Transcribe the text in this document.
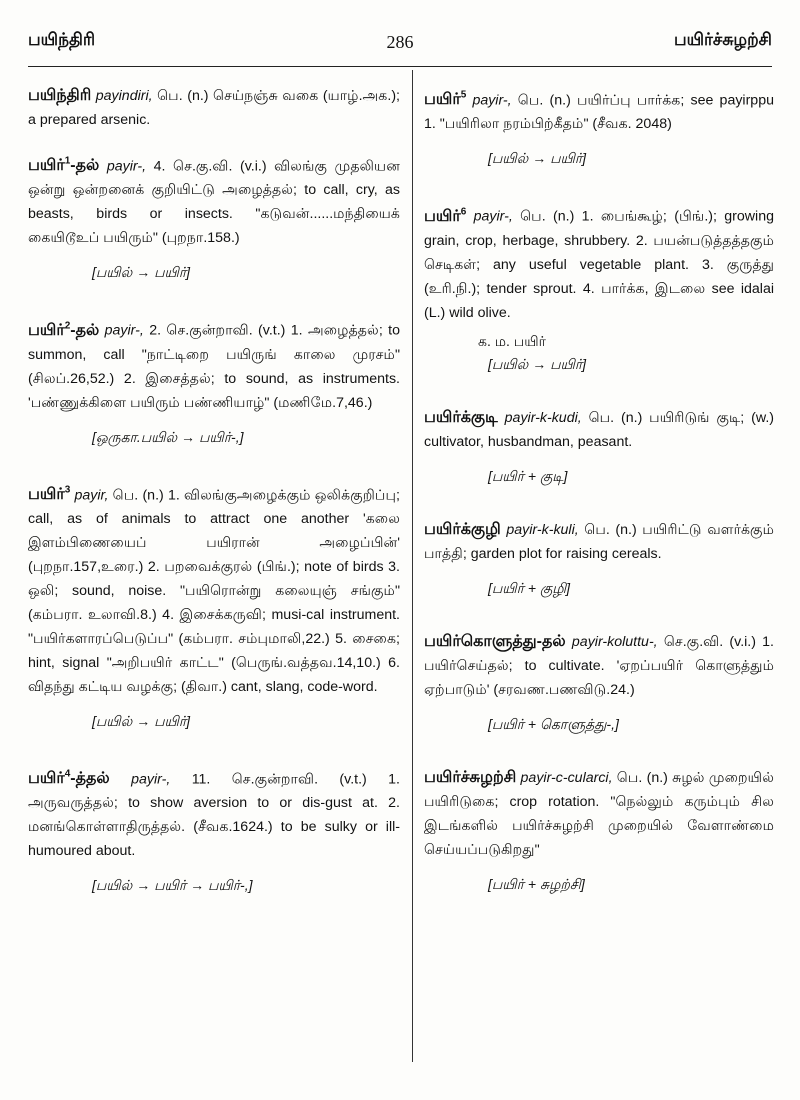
பயிந்திரி	286	பயிர்ச்சுழற்சி
பயிந்திரி payindiri, பெ. (n.) செய்நஞ்சு வகை (யாழ்.அக.); a prepared arsenic.
பயிர்$^1$-தல் payir-, 4. செ.கு.வி. (v.i.) விலங்கு முதலியன ஒன்று ஒன்றனைக் குறியிட்டு அழைத்தல்; to call, cry, as beasts, birds or insects. "கடுவன்......மந்தியைக் கையிடூஉப் பயிரும்" (புறநா.158.)
[பயில் → பயிர்]
பயிர்$^2$-தல் payir-, 2. செ.குன்றாவி. (v.t.) 1. அழைத்தல்; to summon, call "நாட்டிறை பயிருங் காலை முரசம்" (சிலப்.26,52.) 2. இசைத்தல்; to sound, as instruments. 'பண்ணுக்கிளை பயிரும் பண்ணியாழ்" (மணிமே.7,46.)
[ஒருகா.பயில் → பயிர்-,]
பயிர்$^3$ payir, பெ. (n.) 1. விலங்குஅழைக்கும் ஒலிக்குறிப்பு; call, as of animals to attract one another 'கலை இளம்பிணையைப் பயிரான் அழைப்பின்' (புறநா.157,உரை.) 2. பறவைக்குரல் (பிங்.); note of birds 3. ஒலி; sound, noise. "பயிரொன்று கலையுஞ் சங்கும்" (கம்பரா. உலாவி.8.) 4. இசைக்கருவி; musi-cal instrument. "பயிர்களாரப்பெடுப்ப" (கம்பரா. சம்புமாலி,22.) 5. சைகை; hint, signal "அறிபயிர் காட்ட" (பெருங்.வத்தவ.14,10.) 6. விதந்து கட்டிய வழக்கு; (திவா.) cant, slang, code-word.
[பயில் → பயிர்]
பயிர்$^4$-த்தல் payir-, 11. செ.குன்றாவி. (v.t.) 1. அருவருத்தல்; to show aversion to or dis-gust at. 2. மனங்கொள்ளாதிருத்தல். (சீவக.1624.) to be sulky or ill-humoured about.
[பயில் → பயிர் → பயிர்-,]
பயிர்$^5$ payir-, பெ. (n.) பயிர்ப்பு பார்க்க; see payirppu 1. "பயிரிலா நரம்பிற்கீதம்" (சீவக. 2048)
[பயில் → பயிர்]
பயிர்$^6$ payir-, பெ. (n.) 1. பைங்கூழ்; (பிங்.); growing grain, crop, herbage, shrubbery. 2. பயன்படுத்தத்தகும் செடிகள்; any useful vegetable plant. 3. குருத்து (உரி.நி.); tender sprout. 4. பார்க்க, இடலை see idalai (L.) wild olive.
க. ம. பயிர்
[பயில் → பயிர்]
பயிர்க்குடி payir-k-kudi, பெ. (n.) பயிரிடுங் குடி; (w.) cultivator, husbandman, peasant.
[பயிர் + குடி]
பயிர்க்குழி payir-k-kuli, பெ. (n.) பயிரிட்டு வளர்க்கும் பாத்தி; garden plot for raising cereals.
[பயிர் + குழி]
பயிர்கொளுத்து-தல் payir-koluttu-, செ.கு.வி. (v.i.) 1. பயிர்செய்தல்; to cultivate. 'ஏறப்பயிர் கொளுத்தும் ஏற்பாடும்' (சரவண.பணவிடு.24.)
[பயிர் + கொளுத்து-,]
பயிர்ச்சுழற்சி payir-c-cularci, பெ. (n.) சுழல் முறையில் பயிரிடுகை; crop rotation. "நெல்லும் கரும்பும் சில இடங்களில் பயிர்ச்சுழற்சி முறையில் வேளாண்மை செய்யப்படுகிறது"
[பயிர் + சுழற்சி]
